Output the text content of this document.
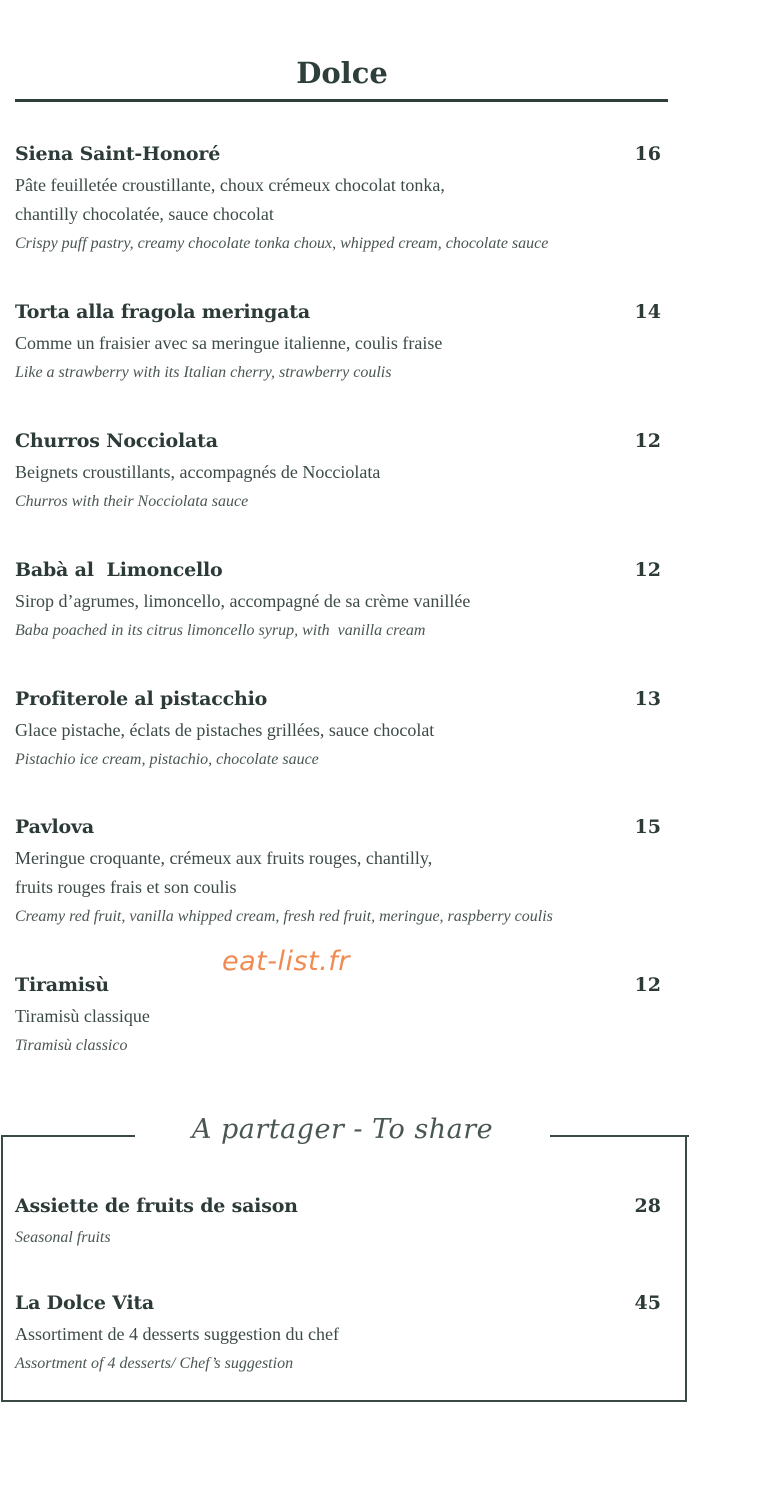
Dolce
Siena Saint-Honoré	16
Pâte feuilletée croustillante, choux crémeux chocolat tonka,
chantilly chocolatée, sauce chocolat
Crispy puff pastry, creamy chocolate tonka choux, whipped cream, chocolate sauce
Torta alla fragola meringata	14
Comme un fraisier avec sa meringue italienne, coulis fraise
Like a strawberry with its Italian cherry, strawberry coulis
Churros Nocciolata	12
Beignets croustillants, accompagnés de Nocciolata
Churros with their Nocciolata sauce
Babà al  Limoncello	12
Sirop d’agrumes, limoncello, accompagné de sa crème vanillée
Baba poached in its citrus limoncello syrup, with  vanilla cream
Profiterole al pistacchio	13
Glace pistache, éclats de pistaches grillées, sauce chocolat
Pistachio ice cream, pistachio, chocolate sauce
Pavlova	15
Meringue croquante, crémeux aux fruits rouges, chantilly,
fruits rouges frais et son coulis
Creamy red fruit, vanilla whipped cream, fresh red fruit, meringue, raspberry coulis
Tiramisù	12
Tiramisù classique
Tiramisù classico
eat-list.fr
A partager - To share
Assiette de fruits de saison	28
Seasonal fruits
La Dolce Vita	45
Assortiment de 4 desserts suggestion du chef
Assortment of 4 desserts/ Chef’s suggestion
